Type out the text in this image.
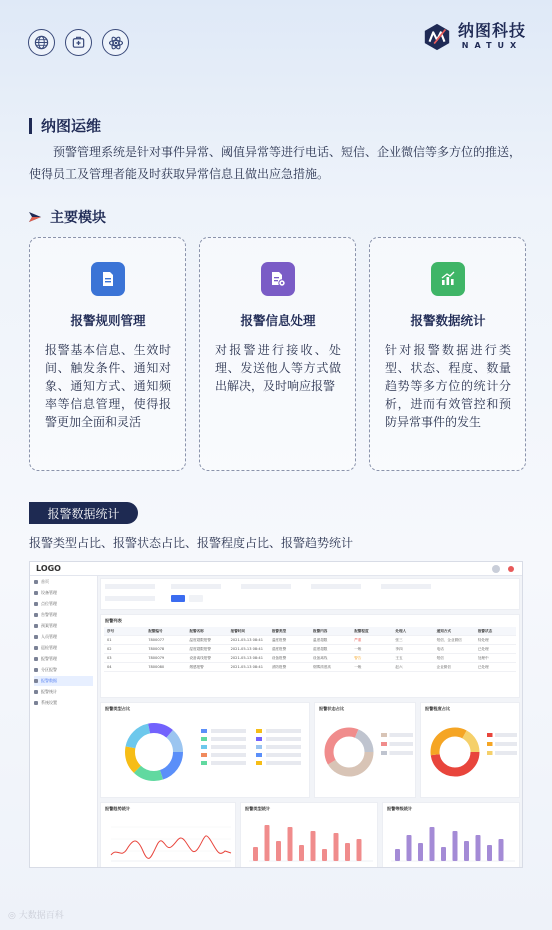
纳图科技
NATUX
纳图运维

预警管理系统是针对事件异常、阈值异常等进行电话、短信、企业微信等多方位的推送，使得员工及管理者能及时获取异常信息且做出应急措施。

主要模块
报警规则管理
报警基本信息、生效时间、触发条件、通知对象、通知方式、通知频率等信息管理，使得报警更加全面和灵活
报警信息处理
对报警进行接收、处理、发送他人等方式做出解决，及时响应报警
报警数据统计
针对报警数据进行类型、状态、程度、数量趋势等多方位的统计分析，进而有效管控和预防异常事件的发生
报警数据统计
报警类型占比、报警状态占比、报警程度占比、报警趋势统计
LOGO
首页
设备管理
点位管理
告警管理
预案管理
人员管理
巡检管理
报警管理
分区报警
报警数据
报警统计
系统设置
报警列表
序号	报警编号	报警名称	报警时间	报警类型	报警内容	报警程度	处理人	通知方式	报警状态
01	7800077	温度超限报警	2021-05-13 08:41	温度报警	温度超限	严重	张三	短信、企业微信	待处理
02	7800078	湿度超限报警	2021-05-13 08:41	湿度报警	湿度超限	一般	李四	电话	已处理
03	7800079	设备离线报警	2021-05-13 08:41	设备报警	设备离线	警告	王五	短信	处理中
04	7800080	烟感报警	2021-05-13 08:41	消防报警	烟雾浓度高	一般	赵六	企业微信	已处理
报警类型占比	报警状态占比	报警程度占比
报警趋势统计	报警类型统计	报警等级统计
◎ 大数据百科
